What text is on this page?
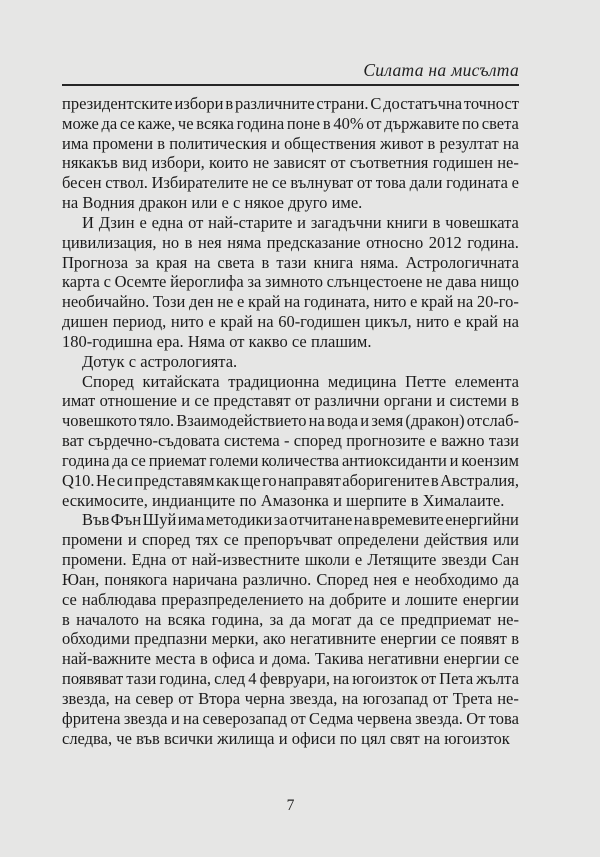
Силата на мисълта
президентските избори в различните страни. С достатъчна точност
може да се каже, че всяка година поне в 40% от държавите по света
има промени в политическия и обществения живот в резултат на
някакъв вид избори, които не зависят от съответния годишен не-
бесен ствол. Избирателите не се вълнуват от това дали годината е
на Водния дракон или е с някое друго име.
И Дзин е една от най-старите и загадъчни книги в човешката
цивилизация, но в нея няма предсказание относно 2012 година.
Прогноза за края на света в тази книга няма. Астрологичната
карта с Осемте йероглифа за зимното слънцестоене не дава нищо
необичайно. Този ден не е край на годината, нито е край на 20-го-
дишен период, нито е край на 60-годишен цикъл, нито е край на
180-годишна ера. Няма от какво се плашим.
Дотук с астрологията.
Според китайската традиционна медицина Петте елемента
имат отношение и се представят от различни органи и системи в
човешкото тяло. Взаимодействието на вода и земя (дракон) отслаб-
ват сърдечно-съдовата система - според прогнозите е важно тази
година да се приемат големи количества антиоксиданти и коензим
Q10. Не си представям как ще го направят аборигените в Австралия,
ескимосите, индианците по Амазонка и шерпите в Хималаите.
Във Фън Шуй има методики за отчитане на времевите енергийни
промени и според тях се препоръчват определени действия или
промени. Една от най-известните школи е Летящите звезди Сан
Юан, понякога наричана различно. Според нея е необходимо да
се наблюдава преразпределението на добрите и лошите енергии
в началото на всяка година, за да могат да се предприемат не-
обходими предпазни мерки, ако негативните енергии се появят в
най-важните места в офиса и дома. Такива негативни енергии се
появяват тази година, след 4 февруари, на югоизток от Пета жълта
звезда, на север от Втора черна звезда, на югозапад от Трета не-
фритена звезда и на северозапад от Седма червена звезда. От това
следва, че във всички жилища и офиси по цял свят на югоизток
7
